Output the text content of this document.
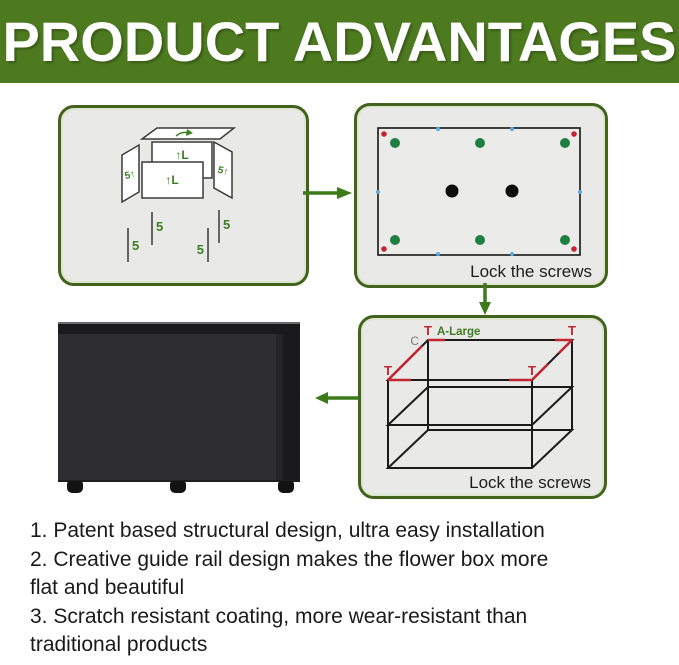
PRODUCT ADVANTAGES
↑L
↑L
5↑	5↑
5
5
5
5
Lock the screws
T	T
T	T
C
A-Large
Lock the screws
1. Patent based structural design, ultra easy installation
2. Creative guide rail design makes the flower box more
flat and beautiful
3. Scratch resistant coating, more wear-resistant than
traditional products
